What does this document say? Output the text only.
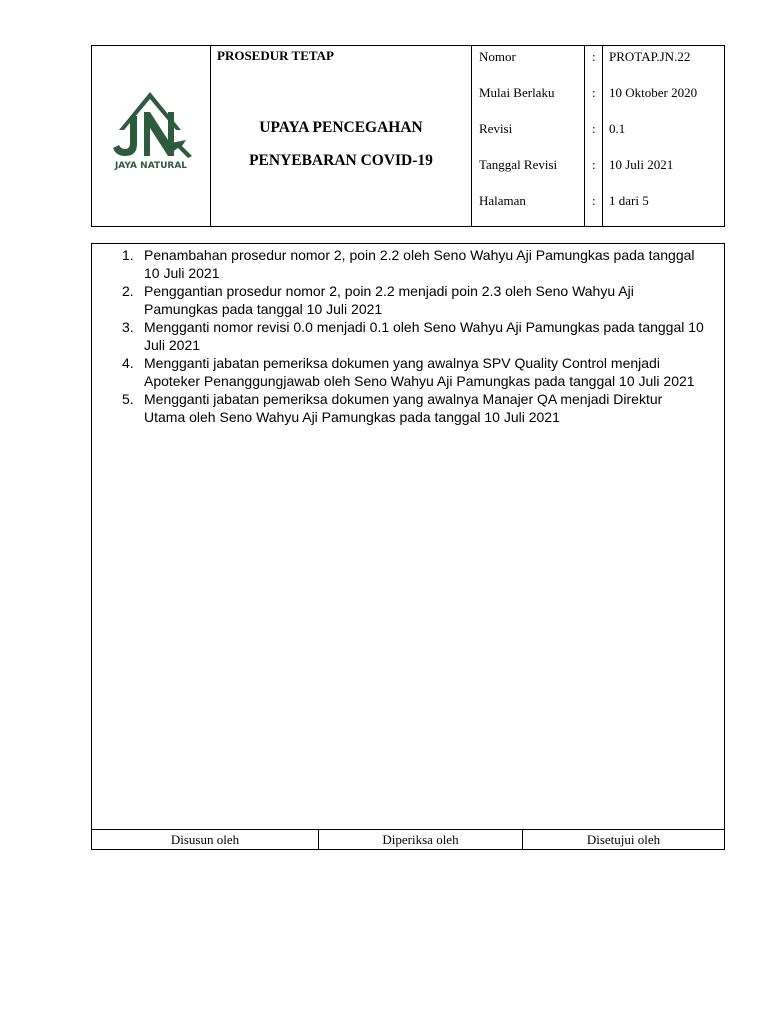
JAYA NATURAL
PROSEDUR TETAP
UPAYA PENCEGAHAN
PENYEBARAN COVID-19
Nomor	: PROTAP.JN.22
Mulai Berlaku	: 10 Oktober 2020
Revisi	: 0.1
Tanggal Revisi	: 10 Juli 2021
Halaman	: 1 dari 5
1. Penambahan prosedur nomor 2, poin 2.2 oleh Seno Wahyu Aji Pamungkas pada tanggal 10 Juli 2021
2. Penggantian prosedur nomor 2, poin 2.2 menjadi poin 2.3 oleh Seno Wahyu Aji Pamungkas pada tanggal 10 Juli 2021
3. Mengganti nomor revisi 0.0 menjadi 0.1 oleh Seno Wahyu Aji Pamungkas pada tanggal 10 Juli 2021
4. Mengganti jabatan pemeriksa dokumen yang awalnya SPV Quality Control menjadi Apoteker Penanggungjawab oleh Seno Wahyu Aji Pamungkas pada tanggal 10 Juli 2021
5. Mengganti jabatan pemeriksa dokumen yang awalnya Manajer QA menjadi Direktur Utama oleh Seno Wahyu Aji Pamungkas pada tanggal 10 Juli 2021
Disusun oleh	Diperiksa oleh	Disetujui oleh
